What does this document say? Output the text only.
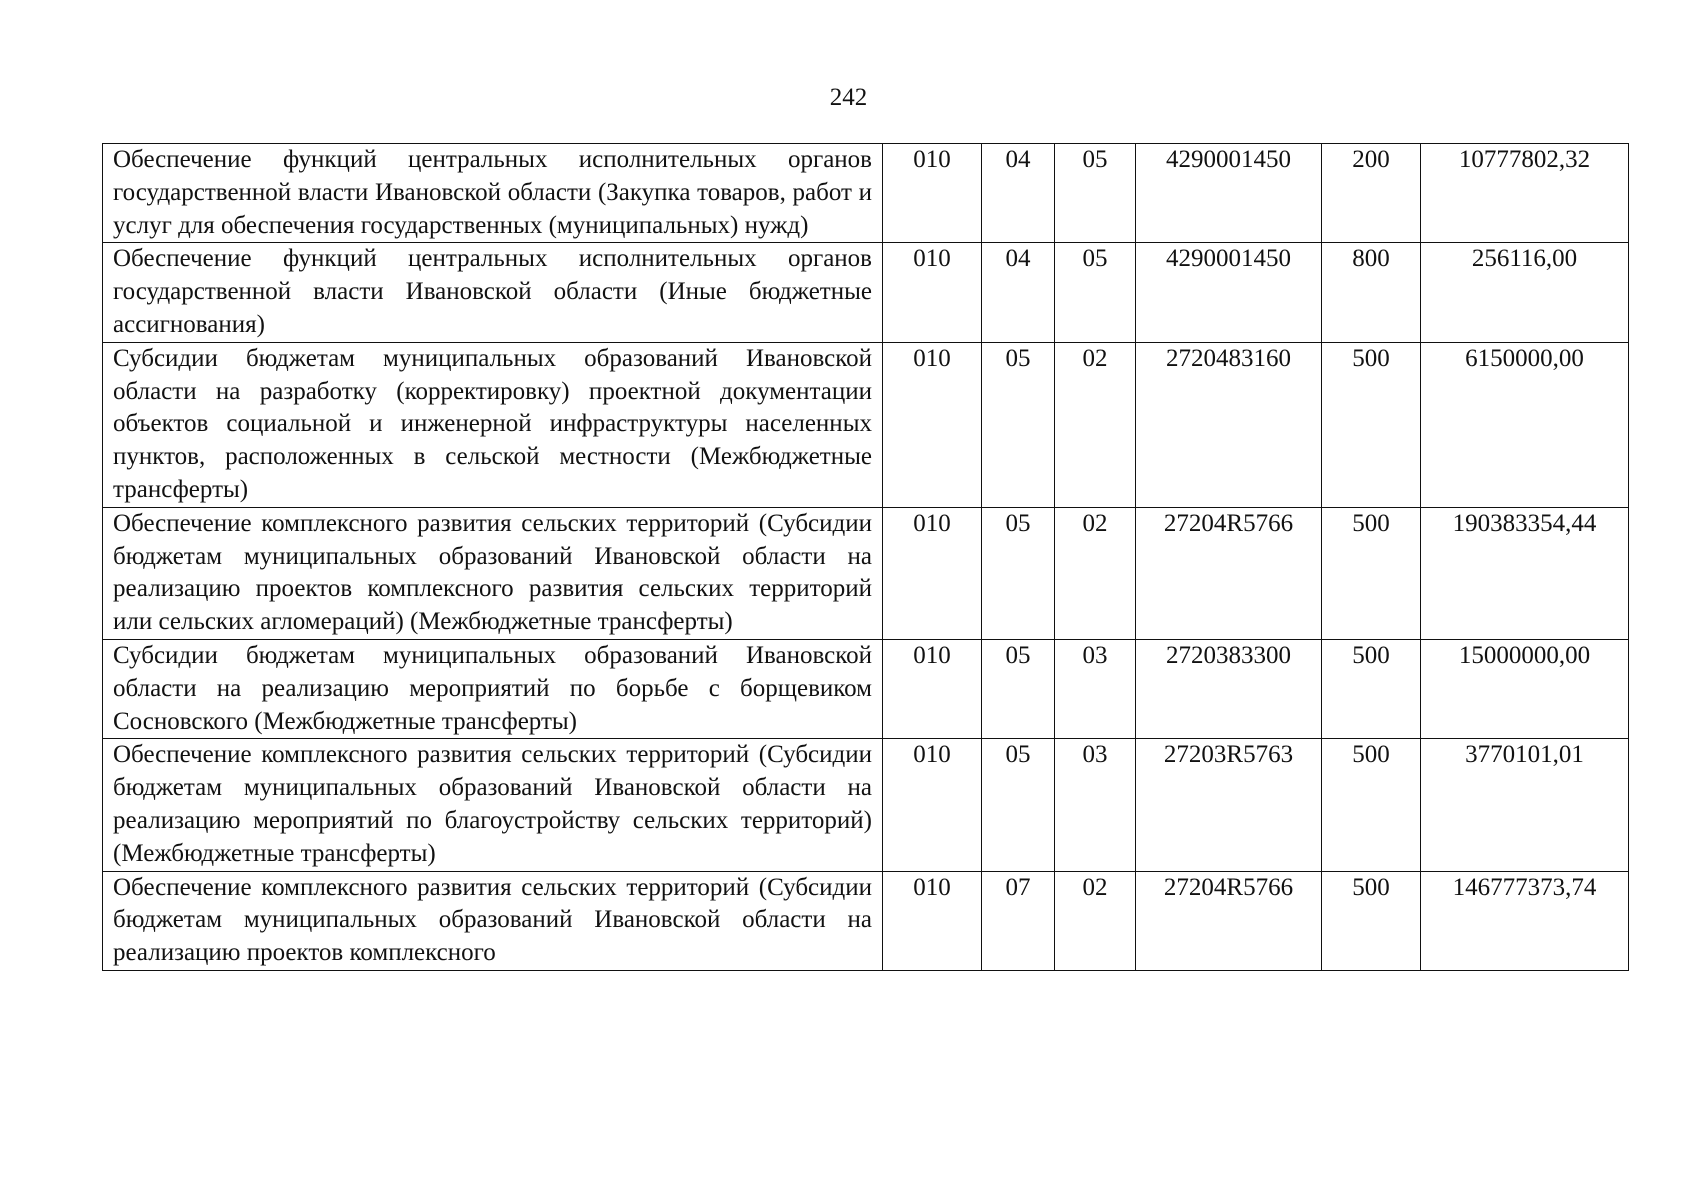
242
Обеспечение функций центральных исполнительных органов государственной власти Ивановской области (Закупка товаров, работ и услуг для обеспечения государственных (муниципальных) нужд)	010	04	05	4290001450	200	10777802,32
Обеспечение функций центральных исполнительных органов государственной власти Ивановской области (Иные бюджетные ассигнования)	010	04	05	4290001450	800	256116,00
Субсидии бюджетам муниципальных образований Ивановской области на разработку (корректировку) проектной документации объектов социальной и инженерной инфраструктуры населенных пунктов, расположенных в сельской местности (Межбюджетные трансферты)	010	05	02	2720483160	500	6150000,00
Обеспечение комплексного развития сельских территорий (Субсидии бюджетам муниципальных образований Ивановской области на реализацию проектов комплексного развития сельских территорий или сельских агломераций) (Межбюджетные трансферты)	010	05	02	27204R5766	500	190383354,44
Субсидии бюджетам муниципальных образований Ивановской области на реализацию мероприятий по борьбе с борщевиком Сосновского (Межбюджетные трансферты)	010	05	03	2720383300	500	15000000,00
Обеспечение комплексного развития сельских территорий (Субсидии бюджетам муниципальных образований Ивановской области на реализацию мероприятий по благоустройству сельских территорий) (Межбюджетные трансферты)	010	05	03	27203R5763	500	3770101,01
Обеспечение комплексного развития сельских территорий (Субсидии бюджетам муниципальных образований Ивановской области на реализацию проектов комплексного	010	07	02	27204R5766	500	146777373,74
